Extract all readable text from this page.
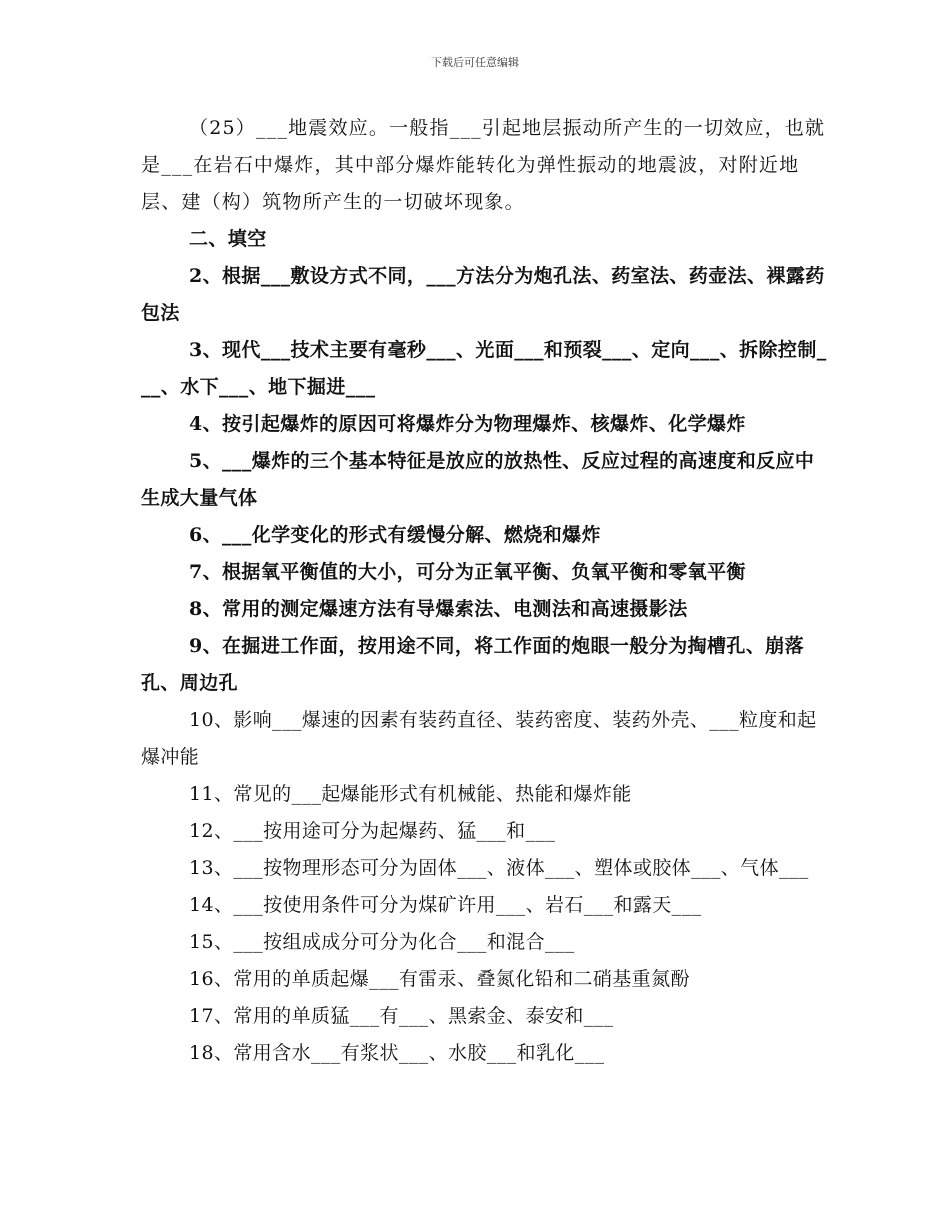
下载后可任意编辑

（25）___地震效应。一般指___引起地层振动所产生的一切效应，也就是___在岩石中爆炸，其中部分爆炸能转化为弹性振动的地震波，对附近地层、建（构）筑物所产生的一切破坏现象。

二、填空

2、根据___敷设方式不同，___方法分为炮孔法、药室法、药壶法、裸露药包法

3、现代___技术主要有毫秒___、光面___和预裂___、定向___、拆除控制___、水下___、地下掘进___

4、按引起爆炸的原因可将爆炸分为物理爆炸、核爆炸、化学爆炸

5、___爆炸的三个基本特征是放应的放热性、反应过程的高速度和反应中生成大量气体

6、___化学变化的形式有缓慢分解、燃烧和爆炸

7、根据氧平衡值的大小，可分为正氧平衡、负氧平衡和零氧平衡

8、常用的测定爆速方法有导爆索法、电测法和高速摄影法

9、在掘进工作面，按用途不同，将工作面的炮眼一般分为掏槽孔、崩落孔、周边孔

10、影响___爆速的因素有装药直径、装药密度、装药外壳、___粒度和起爆冲能

11、常见的___起爆能形式有机械能、热能和爆炸能

12、___按用途可分为起爆药、猛___和___

13、___按物理形态可分为固体___、液体___、塑体或胶体___、气体___

14、___按使用条件可分为煤矿许用___、岩石___和露天___

15、___按组成成分可分为化合___和混合___

16、常用的单质起爆___有雷汞、叠氮化铅和二硝基重氮酚

17、常用的单质猛___有___、黑索金、泰安和___

18、常用含水___有浆状___、水胶___和乳化___
